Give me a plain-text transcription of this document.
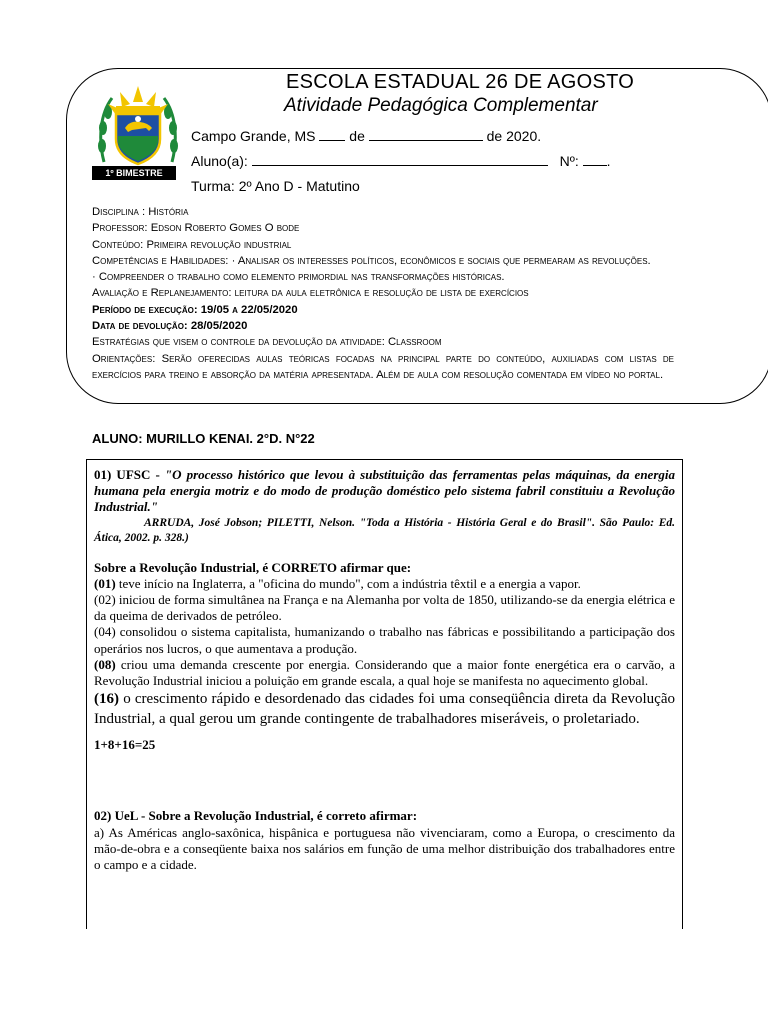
1º BIMESTRE
ESCOLA ESTADUAL 26 DE AGOSTO
Atividade Pedagógica Complementar
Campo Grande, MS de	de 2020.
Aluno(a):	Nº: .
Turma: 2º Ano D - Matutino
Disciplina : História
Professor: Edson Roberto Gomes O bode
Conteúdo: Primeira revolução industrial
Competências e Habilidades: · Analisar os interesses políticos, econômicos e sociais que permearam as revoluções.
· Compreender o trabalho como elemento primordial nas transformações históricas.
Avaliação e Replanejamento: leitura da aula eletrônica e resolução de lista de exercícios
Período de execução: 19/05 a 22/05/2020
Data de devolução: 28/05/2020
Estratégias que visem o controle da devolução da atividade: Classroom
Orientações: Serão oferecidas aulas teóricas focadas na principal parte do conteúdo, auxiliadas com listas de exercícios para treino e absorção da matéria apresentada. Além de aula com resolução comentada em vídeo no portal.
ALUNO: MURILLO KENAI. 2°D. N°22

01) UFSC - "O processo histórico que levou à substituição das ferramentas pelas máquinas, da energia humana pela energia motriz e do modo de produção doméstico pelo sistema fabril constituiu a Revolução Industrial."

ARRUDA, José Jobson; PILETTI, Nelson. "Toda a História - História Geral e do Brasil". São Paulo: Ed. Ática, 2002. p. 328.)

Sobre a Revolução Industrial, é CORRETO afirmar que:

(01) teve início na Inglaterra, a "oficina do mundo", com a indústria têxtil e a energia a vapor.

(02) iniciou de forma simultânea na França e na Alemanha por volta de 1850, utilizando-se da energia elétrica e da queima de derivados de petróleo.

(04) consolidou o sistema capitalista, humanizando o trabalho nas fábricas e possibilitando a participação dos operários nos lucros, o que aumentava a produção.

(08) criou uma demanda crescente por energia. Considerando que a maior fonte energética era o carvão, a Revolução Industrial iniciou a poluição em grande escala, a qual hoje se manifesta no aquecimento global.

(16) o crescimento rápido e desordenado das cidades foi uma conseqüência direta da Revolução Industrial, a qual gerou um grande contingente de trabalhadores miseráveis, o proletariado.

1+8+16=25

02) UeL - Sobre a Revolução Industrial, é correto afirmar:

a) As Américas anglo-saxônica, hispânica e portuguesa não vivenciaram, como a Europa, o crescimento da mão-de-obra e a conseqüente baixa nos salários em função de uma melhor distribuição dos trabalhadores entre o campo e a cidade.
